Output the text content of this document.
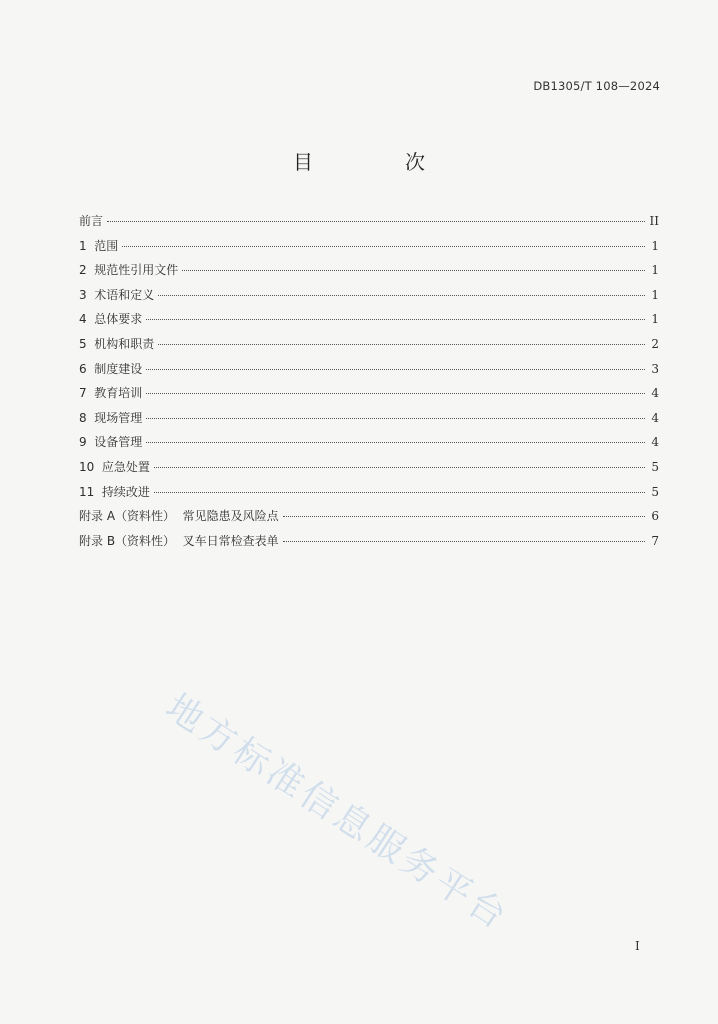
DB1305/T 108—2024
目　次
前言	II
1  范围	1
2  规范性引用文件	1
3  术语和定义	1
4  总体要求	1
5  机构和职责	2
6  制度建设	3
7  教育培训	4
8  现场管理	4
9  设备管理	4
10  应急处置	5
11  持续改进	5
附录 A（资料性）  常见隐患及风险点	6
附录 B（资料性）  叉车日常检查表单	7
地方标准信息服务平台
I
